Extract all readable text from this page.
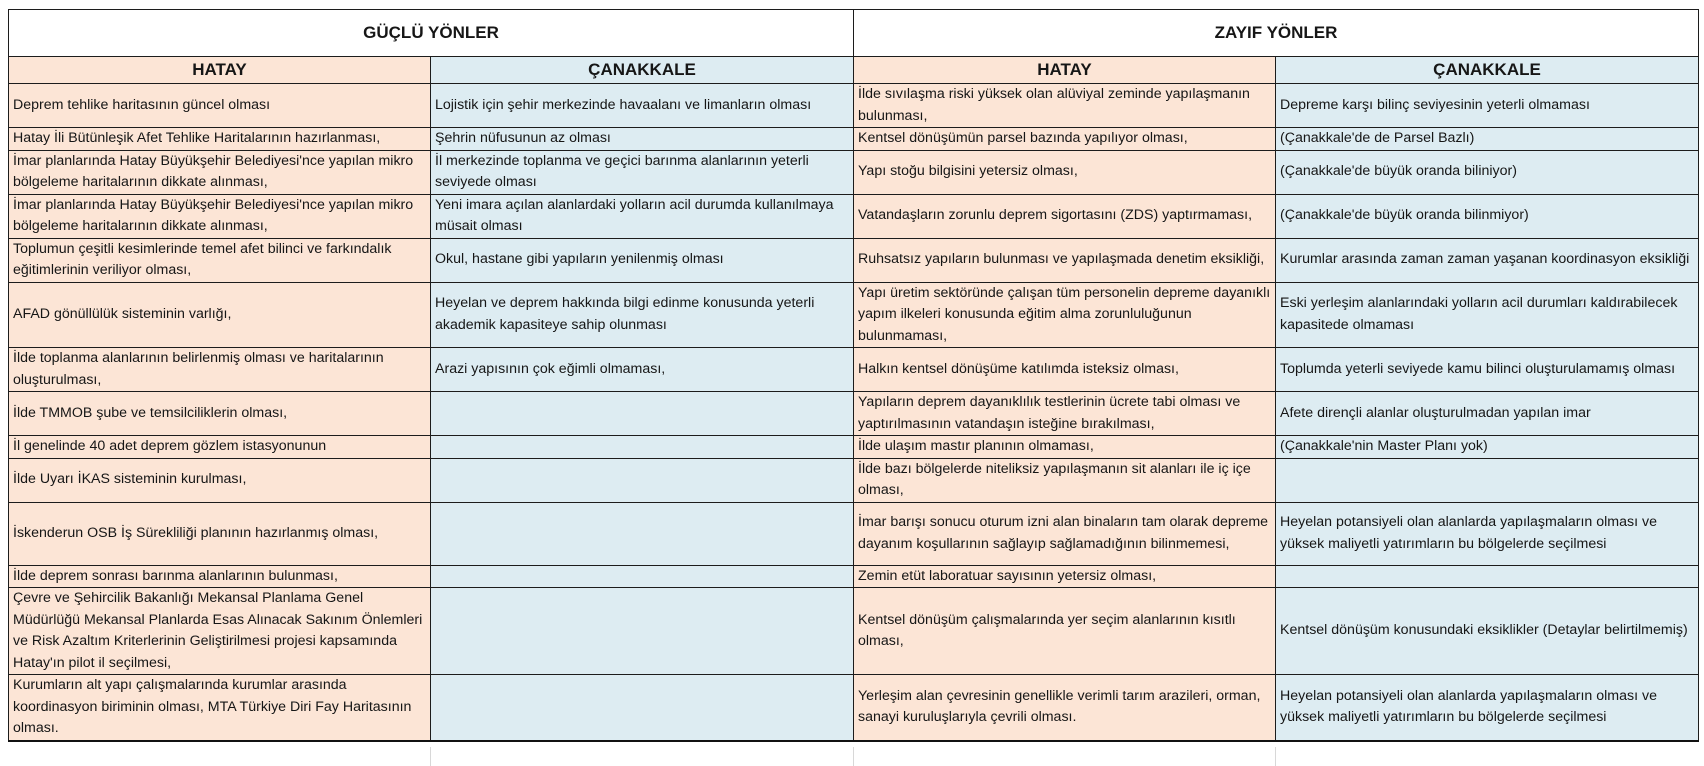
GÜÇLÜ YÖNLER		ZAYIF YÖNLER	
HATAY	ÇANAKKALE	HATAY	ÇANAKKALE
Deprem tehlike haritasının güncel olması	Lojistik için şehir merkezinde havaalanı ve limanların olması	İlde sıvılaşma riski yüksek olan alüviyal zeminde yapılaşmanın bulunması,	Depreme karşı bilinç seviyesinin yeterli olmaması
Hatay İli Bütünleşik Afet Tehlike Haritalarının hazırlanması,	Şehrin nüfusunun az olması	Kentsel dönüşümün parsel bazında yapılıyor olması,	(Çanakkale'de de Parsel Bazlı)
İmar planlarında Hatay Büyükşehir Belediyesi'nce yapılan mikro bölgeleme haritalarının dikkate alınması,	İl merkezinde toplanma ve geçici barınma alanlarının yeterli seviyede olması	Yapı stoğu bilgisini yetersiz olması,	(Çanakkale'de büyük oranda biliniyor)
İmar planlarında Hatay Büyükşehir Belediyesi'nce yapılan mikro bölgeleme haritalarının dikkate alınması,	Yeni imara açılan alanlardaki yolların acil durumda kullanılmaya müsait olması	Vatandaşların zorunlu deprem sigortasını (ZDS) yaptırmaması,	(Çanakkale'de büyük oranda bilinmiyor)
Toplumun çeşitli kesimlerinde temel afet bilinci ve farkındalık eğitimlerinin veriliyor olması,	Okul, hastane gibi yapıların yenilenmiş olması	Ruhsatsız yapıların bulunması ve yapılaşmada denetim eksikliği,	Kurumlar arasında zaman zaman yaşanan koordinasyon eksikliği
AFAD gönüllülük sisteminin varlığı,	Heyelan ve deprem hakkında bilgi edinme konusunda yeterli akademik kapasiteye sahip olunması	Yapı üretim sektöründe çalışan tüm personelin depreme dayanıklı yapım ilkeleri konusunda eğitim alma zorunluluğunun bulunmaması,	Eski yerleşim alanlarındaki yolların acil durumları kaldırabilecek kapasitede olmaması
İlde toplanma alanlarının belirlenmiş olması ve haritalarının oluşturulması,	Arazi yapısının çok eğimli olmaması,	Halkın kentsel dönüşüme katılımda isteksiz olması,	Toplumda yeterli seviyede kamu bilinci oluşturulamamış olması
İlde TMMOB şube ve temsilciliklerin olması,		Yapıların deprem dayanıklılık testlerinin ücrete tabi olması ve yaptırılmasının vatandaşın isteğine bırakılması,	Afete dirençli alanlar oluşturulmadan yapılan imar
İl genelinde 40 adet deprem gözlem istasyonunun		İlde ulaşım mastır planının olmaması,	(Çanakkale'nin Master Planı yok)
İlde Uyarı İKAS sisteminin kurulması,		İlde bazı bölgelerde niteliksiz yapılaşmanın sit alanları ile iç içe olması,	
İskenderun OSB İş Sürekliliği planının hazırlanmış olması,		İmar barışı sonucu oturum izni alan binaların tam olarak depreme dayanım koşullarının sağlayıp sağlamadığının bilinmemesi,	Heyelan potansiyeli olan alanlarda yapılaşmaların olması ve yüksek maliyetli yatırımların bu bölgelerde seçilmesi
İlde deprem sonrası barınma alanlarının bulunması,		Zemin etüt laboratuar sayısının yetersiz olması,	
Çevre ve Şehircilik Bakanlığı Mekansal Planlama Genel Müdürlüğü Mekansal Planlarda Esas Alınacak Sakınım Önlemleri ve Risk Azaltım Kriterlerinin Geliştirilmesi projesi kapsamında Hatay'ın pilot il seçilmesi,		Kentsel dönüşüm çalışmalarında yer seçim alanlarının kısıtlı olması,	Kentsel dönüşüm konusundaki eksiklikler (Detaylar belirtilmemiş)
Kurumların alt yapı çalışmalarında kurumlar arasında koordinasyon biriminin olması, MTA Türkiye Diri Fay Haritasının olması.		Yerleşim alan çevresinin genellikle verimli tarım arazileri, orman, sanayi kuruluşlarıyla çevrili olması.	Heyelan potansiyeli olan alanlarda yapılaşmaların olması ve yüksek maliyetli yatırımların bu bölgelerde seçilmesi
